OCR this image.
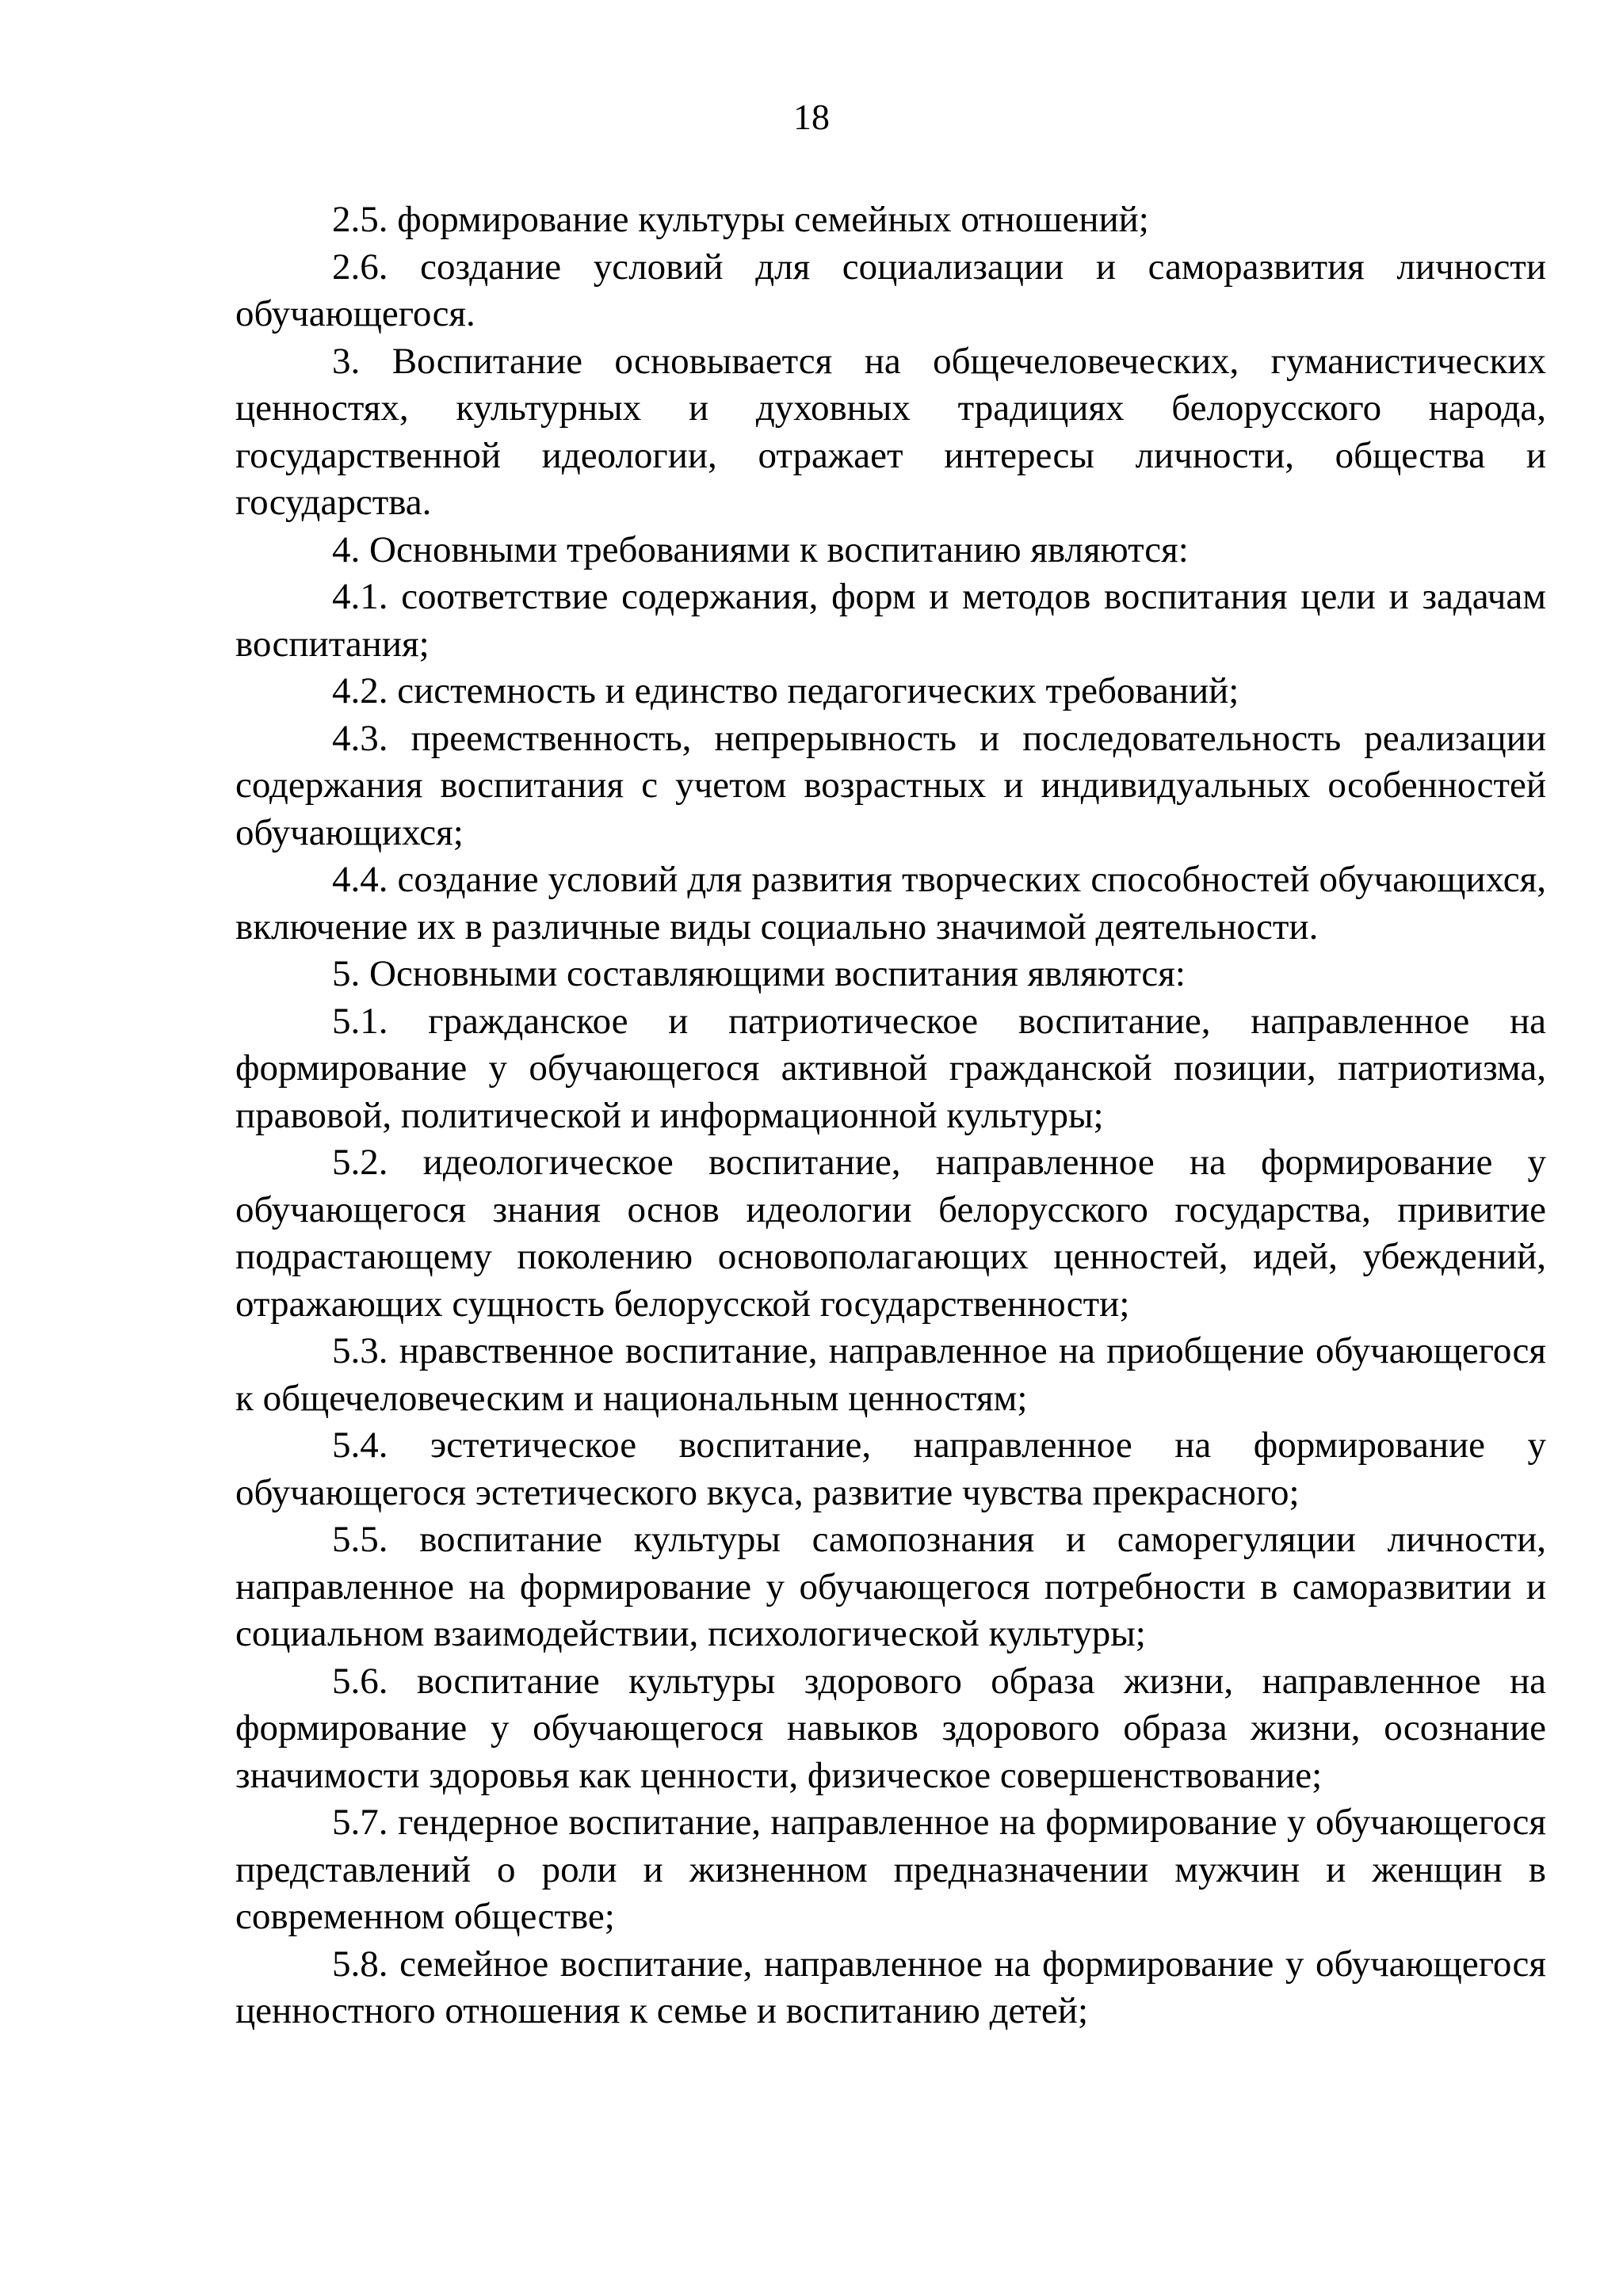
18

2.5. формирование культуры семейных отношений;

2.6. создание условий для социализации и саморазвития личности обучающегося.

3. Воспитание основывается на общечеловеческих, гуманистических ценностях, культурных и духовных традициях белорусского народа, государственной идеологии, отражает интересы личности, общества и государства.

4. Основными требованиями к воспитанию являются:

4.1. соответствие содержания, форм и методов воспитания цели и задачам воспитания;

4.2. системность и единство педагогических требований;

4.3. преемственность, непрерывность и последовательность реализации содержания воспитания с учетом возрастных и индивидуальных особенностей обучающихся;

4.4. создание условий для развития творческих способностей обучающихся, включение их в различные виды социально значимой деятельности.

5. Основными составляющими воспитания являются:

5.1. гражданское и патриотическое воспитание, направленное на формирование у обучающегося активной гражданской позиции, патриотизма, правовой, политической и информационной культуры;

5.2. идеологическое воспитание, направленное на формирование у обучающегося знания основ идеологии белорусского государства, привитие подрастающему поколению основополагающих ценностей, идей, убеждений, отражающих сущность белорусской государственности;

5.3. нравственное воспитание, направленное на приобщение обучающегося к общечеловеческим и национальным ценностям;

5.4. эстетическое воспитание, направленное на формирование у обучающегося эстетического вкуса, развитие чувства прекрасного;

5.5. воспитание культуры самопознания и саморегуляции личности, направленное на формирование у обучающегося потребности в саморазвитии и социальном взаимодействии, психологической культуры;

5.6. воспитание культуры здорового образа жизни, направленное на формирование у обучающегося навыков здорового образа жизни, осознание значимости здоровья как ценности, физическое совершенствование;

5.7. гендерное воспитание, направленное на формирование у обучающегося представлений о роли и жизненном предназначении мужчин и женщин в современном обществе;

5.8. семейное воспитание, направленное на формирование у обучающегося ценностного отношения к семье и воспитанию детей;
